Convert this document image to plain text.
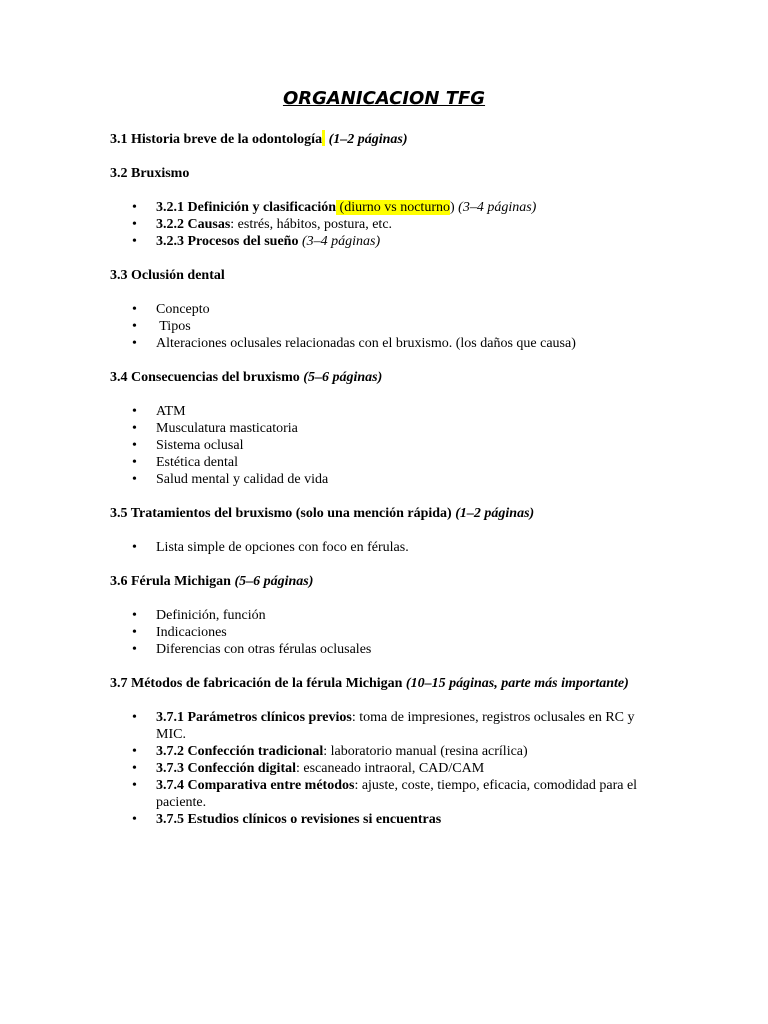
ORGANICACION TFG
3.1 Historia breve de la odontología (1‒2 páginas)
3.2 Bruxismo
• 3.2.1 Definición y clasificación (diurno vs nocturno) (3–4 páginas)
• 3.2.2 Causas: estrés, hábitos, postura, etc.
• 3.2.3 Procesos del sueño (3–4 páginas)
3.3 Oclusión dental
• Concepto
•  Tipos
• Alteraciones oclusales relacionadas con el bruxismo. (los daños que causa)
3.4 Consecuencias del bruxismo (5‒6 páginas)
• ATM
• Musculatura masticatoria
• Sistema oclusal
• Estética dental
• Salud mental y calidad de vida
3.5 Tratamientos del bruxismo (solo una mención rápida) (1‒2 páginas)
• Lista simple de opciones con foco en férulas.
3.6 Férula Michigan (5‒6 páginas)
• Definición, función
• Indicaciones
• Diferencias con otras férulas oclusales
3.7 Métodos de fabricación de la férula Michigan (10‒15 páginas, parte más importante)
• 3.7.1 Parámetros clínicos previos: toma de impresiones, registros oclusales en RC y MIC.
• 3.7.2 Confección tradicional: laboratorio manual (resina acrílica)
• 3.7.3 Confección digital: escaneado intraoral, CAD/CAM
• 3.7.4 Comparativa entre métodos: ajuste, coste, tiempo, eficacia, comodidad para el paciente.
• 3.7.5 Estudios clínicos o revisiones si encuentras
